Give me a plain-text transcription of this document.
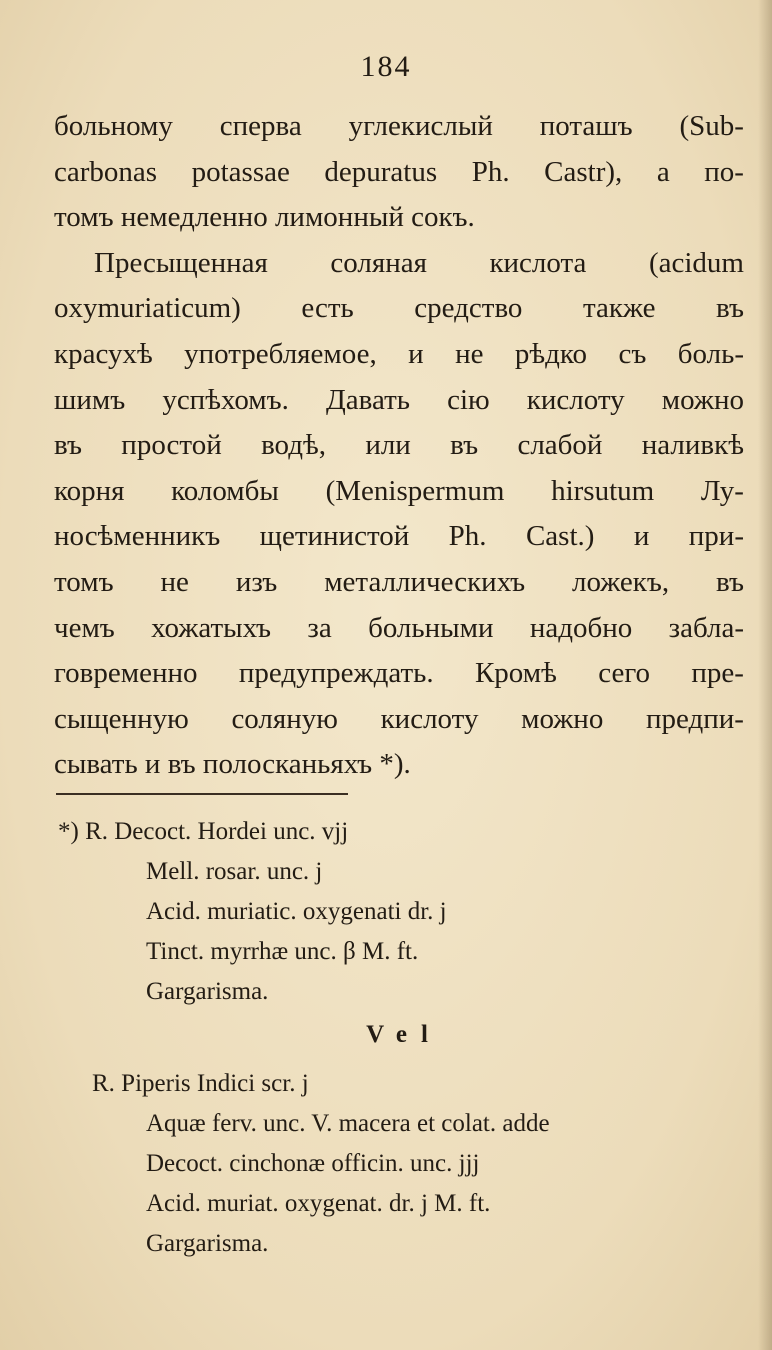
184
больному сперва углекислый поташъ (Sub-
carbonas potassae depuratus Ph. Castr), а по-
томъ немедленно лимонный сокъ.
Пресыщенная соляная кислота (acidum
oxymuriaticum) есть средство также въ
красухѣ употребляемое, и не рѣдко съ боль-
шимъ успѣхомъ. Давать сію кислоту можно
въ простой водѣ, или въ слабой наливкѣ
корня коломбы (Menispermum hirsutum Лу-
носѣменникъ щетинистой Ph. Cast.) и при-
томъ не изъ металлическихъ ложекъ, въ
чемъ хожатыхъ за больными надобно забла-
говременно предупреждать. Кромѣ сего пре-
сыщенную соляную кислоту можно предпи-
сывать и въ полосканьяхъ *).
*) R. Decoct. Hordei unc. vjj
Mell. rosar. unc. j
Acid. muriatic. oxygenati dr. j
Tinct. myrrhæ unc. β M. ft.
Gargarisma.
Vel
R. Piperis Indici scr. j
Aquæ ferv. unc. V. macera et colat. adde
Decoct. cinchonæ officin. unc. jjj
Acid. muriat. oxygenat. dr. j M. ft.
Gargarisma.
